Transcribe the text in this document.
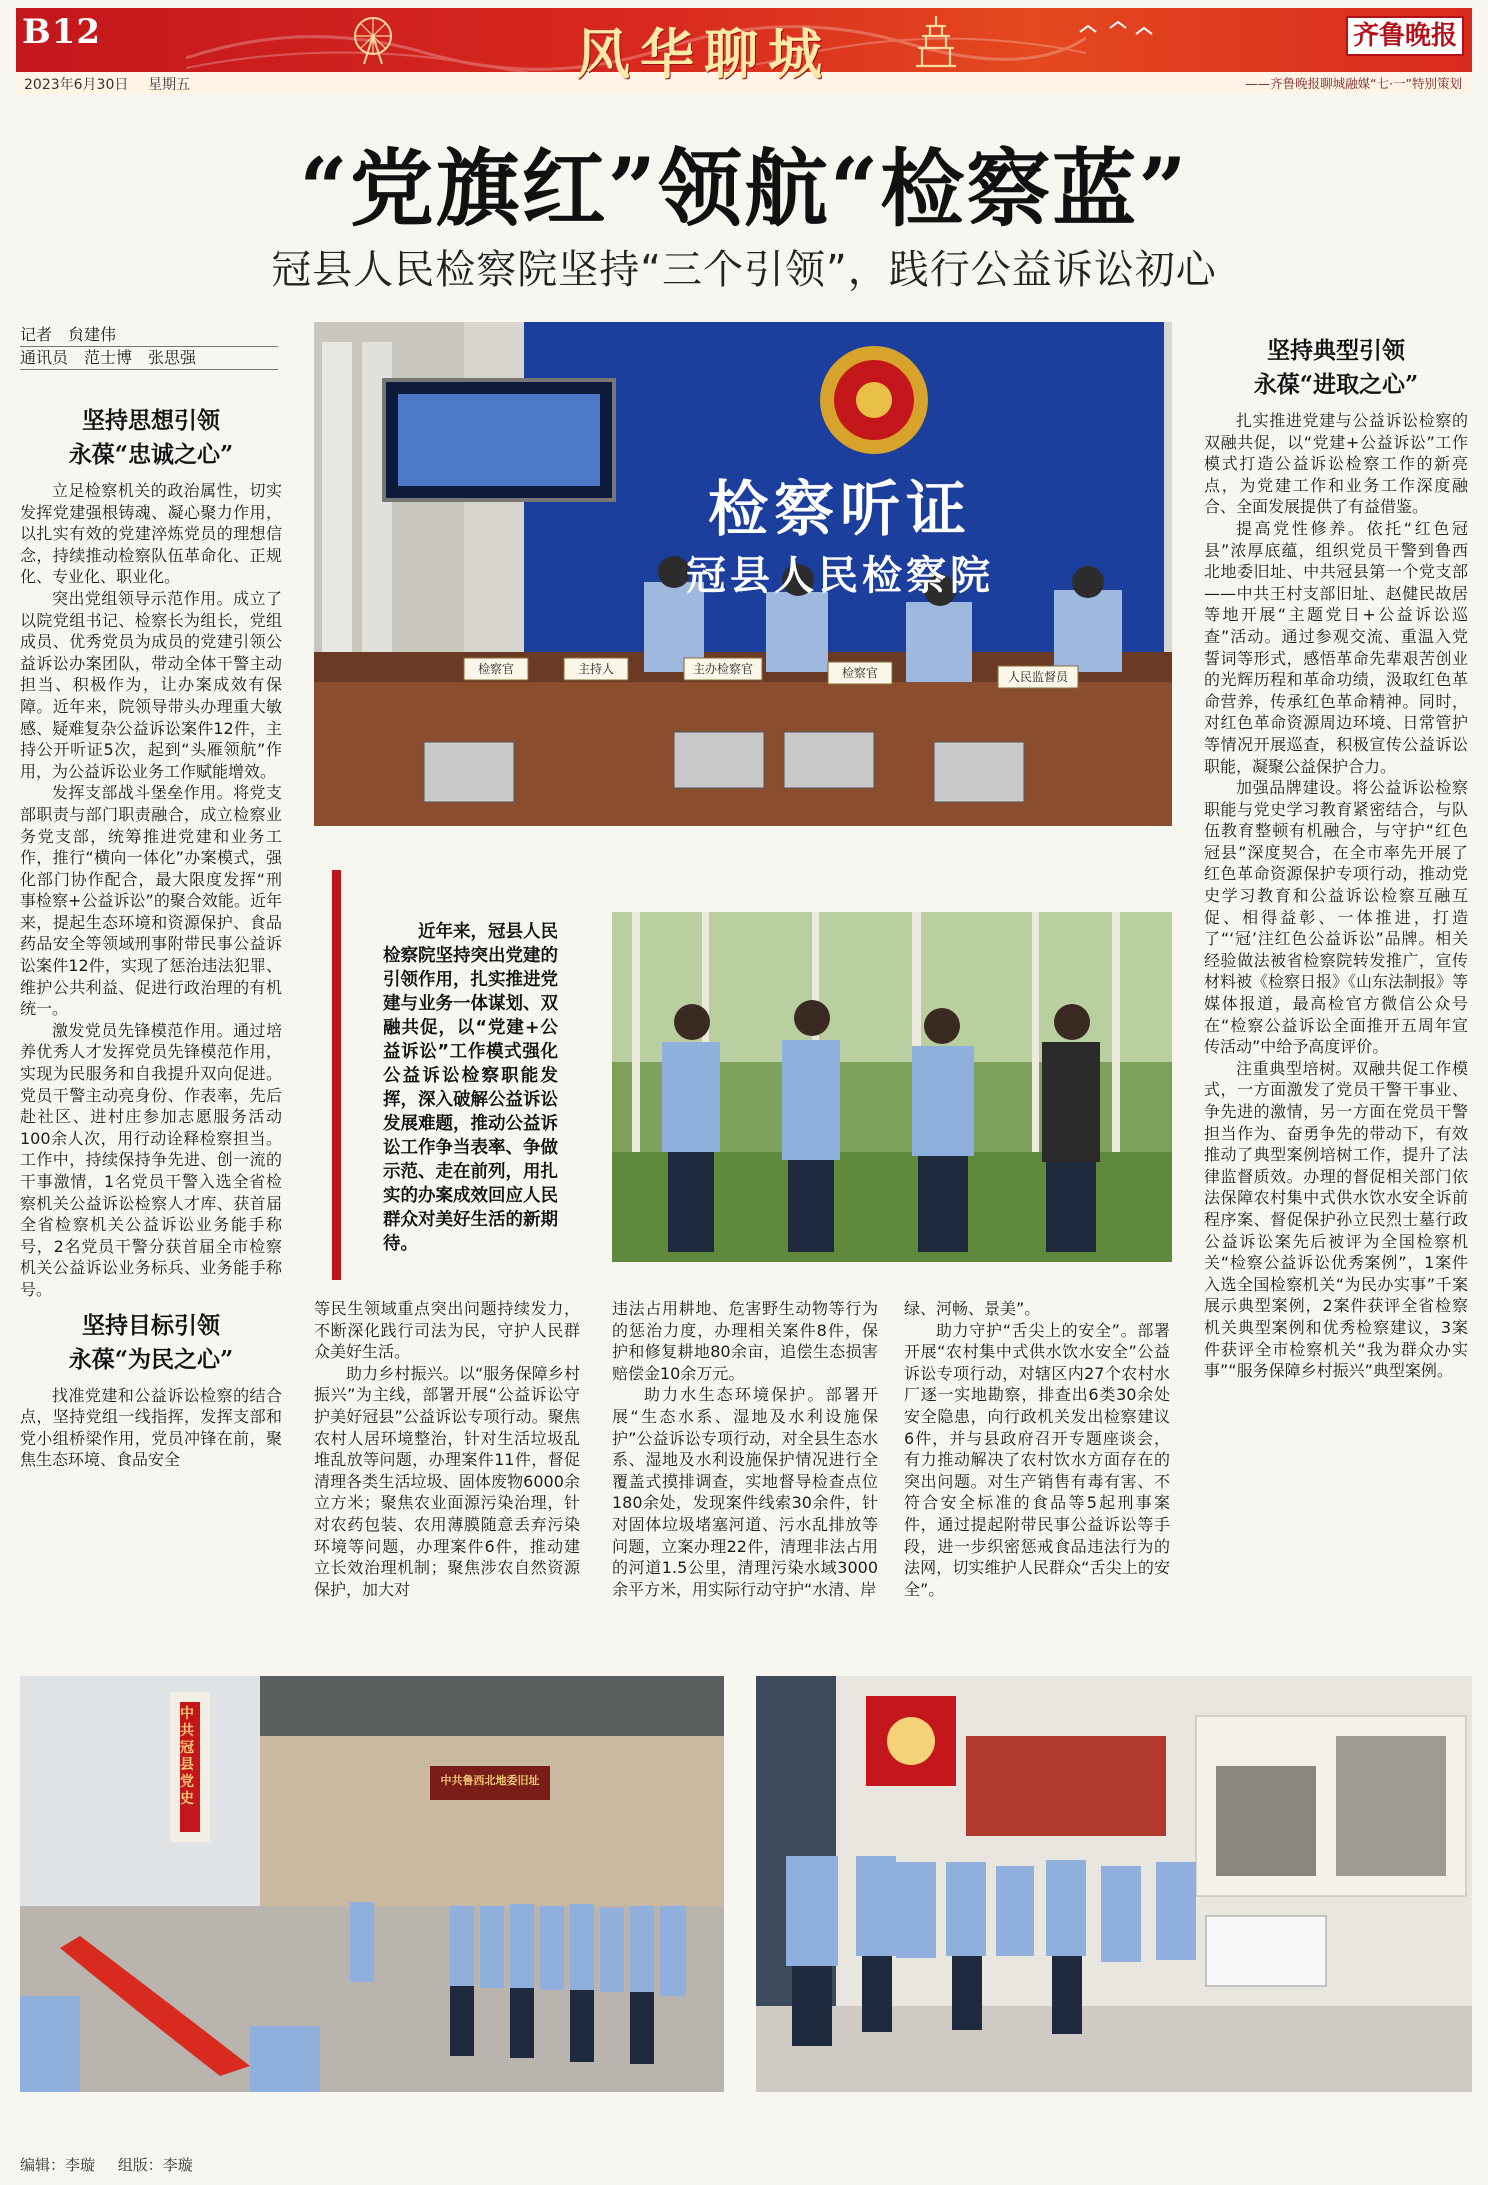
B12
2023年6月30日 星期五	风华聊城	齐鲁晚报
——齐鲁晚报聊城融媒“七·一”特别策划
“党旗红”领航“检察蓝”
冠县人民检察院坚持“三个引领”，践行公益诉讼初心
记者　贠建伟
通讯员　范士博　张思强
坚持思想引领
永葆“忠诚之心”

立足检察机关的政治属性，切实发挥党建强根铸魂、凝心聚力作用，以扎实有效的党建淬炼党员的理想信念，持续推动检察队伍革命化、正规化、专业化、职业化。

突出党组领导示范作用。成立了以院党组书记、检察长为组长，党组成员、优秀党员为成员的党建引领公益诉讼办案团队，带动全体干警主动担当、积极作为，让办案成效有保障。近年来，院领导带头办理重大敏感、疑难复杂公益诉讼案件12件，主持公开听证5次，起到“头雁领航”作用，为公益诉讼业务工作赋能增效。

发挥支部战斗堡垒作用。将党支部职责与部门职责融合，成立检察业务党支部，统筹推进党建和业务工作，推行“横向一体化”办案模式，强化部门协作配合，最大限度发挥“刑事检察+公益诉讼”的聚合效能。近年来，提起生态环境和资源保护、食品药品安全等领域刑事附带民事公益诉讼案件12件，实现了惩治违法犯罪、维护公共利益、促进行政治理的有机统一。

激发党员先锋模范作用。通过培养优秀人才发挥党员先锋模范作用，实现为民服务和自我提升双向促进。党员干警主动亮身份、作表率，先后赴社区、进村庄参加志愿服务活动100余人次，用行动诠释检察担当。工作中，持续保持争先进、创一流的干事激情，1名党员干警入选全省检察机关公益诉讼检察人才库、获首届全省检察机关公益诉讼业务能手称号，2名党员干警分获首届全市检察机关公益诉讼业务标兵、业务能手称号。

坚持目标引领
永葆“为民之心”

找准党建和公益诉讼检察的结合点，坚持党组一线指挥，发挥支部和党小组桥梁作用，党员冲锋在前，聚焦生态环境、食品安全

检察听证
冠县人民检察院
检察官	主持人	主办检察官	检察官	人民监督员
坚持典型引领
永葆“进取之心”

扎实推进党建与公益诉讼检察的双融共促，以“党建+公益诉讼”工作模式打造公益诉讼检察工作的新亮点，为党建工作和业务工作深度融合、全面发展提供了有益借鉴。

提高党性修养。依托“红色冠县”浓厚底蕴，组织党员干警到鲁西北地委旧址、中共冠县第一个党支部——中共王村支部旧址、赵健民故居等地开展“主题党日+公益诉讼巡查”活动。通过参观交流、重温入党誓词等形式，感悟革命先辈艰苦创业的光辉历程和革命功绩，汲取红色革命营养，传承红色革命精神。同时，对红色革命资源周边环境、日常管护等情况开展巡查，积极宣传公益诉讼职能，凝聚公益保护合力。

加强品牌建设。将公益诉讼检察职能与党史学习教育紧密结合，与队伍教育整顿有机融合，与守护“红色冠县”深度契合，在全市率先开展了红色革命资源保护专项行动，推动党史学习教育和公益诉讼检察互融互促、相得益彰、一体推进，打造了“‘冠’注红色公益诉讼”品牌。相关经验做法被省检察院转发推广，宣传材料被《检察日报》《山东法制报》等媒体报道，最高检官方微信公众号在“检察公益诉讼全面推开五周年宣传活动”中给予高度评价。

注重典型培树。双融共促工作模式，一方面激发了党员干警干事业、争先进的激情，另一方面在党员干警担当作为、奋勇争先的带动下，有效推动了典型案例培树工作，提升了法律监督质效。办理的督促相关部门依法保障农村集中式供水饮水安全诉前程序案、督促保护孙立民烈士墓行政公益诉讼案先后被评为全国检察机关“检察公益诉讼优秀案例”，1案件入选全国检察机关“为民办实事”千案展示典型案例，2案件获评全省检察机关典型案例和优秀检察建议，3案件获评全市检察机关“我为群众办实事”“服务保障乡村振兴”典型案例。

近年来，冠县人民检察院坚持突出党建的引领作用，扎实推进党建与业务一体谋划、双融共促，以“党建+公益诉讼”工作模式强化公益诉讼检察职能发挥，深入破解公益诉讼发展难题，推动公益诉讼工作争当表率、争做示范、走在前列，用扎实的办案成效回应人民群众对美好生活的新期待。

等民生领域重点突出问题持续发力，不断深化践行司法为民，守护人民群众美好生活。

助力乡村振兴。以“服务保障乡村振兴”为主线，部署开展“公益诉讼守护美好冠县”公益诉讼专项行动。聚焦农村人居环境整治，针对生活垃圾乱堆乱放等问题，办理案件11件，督促清理各类生活垃圾、固体废物6000余立方米；聚焦农业面源污染治理，针对农药包装、农用薄膜随意丢弃污染环境等问题，办理案件6件，推动建立长效治理机制；聚焦涉农自然资源保护，加大对

违法占用耕地、危害野生动物等行为的惩治力度，办理相关案件8件，保护和修复耕地80余亩，追偿生态损害赔偿金10余万元。

助力水生态环境保护。部署开展“生态水系、湿地及水利设施保护”公益诉讼专项行动，对全县生态水系、湿地及水利设施保护情况进行全覆盖式摸排调查，实地督导检查点位180余处，发现案件线索30余件，针对固体垃圾堵塞河道、污水乱排放等问题，立案办理22件，清理非法占用的河道1.5公里，清理污染水域3000余平方米，用实际行动守护“水清、岸

绿、河畅、景美”。

助力守护“舌尖上的安全”。部署开展“农村集中式供水饮水安全”公益诉讼专项行动，对辖区内27个农村水厂逐一实地勘察，排查出6类30余处安全隐患，向行政机关发出检察建议6件，并与县政府召开专题座谈会，有力推动解决了农村饮水方面存在的突出问题。对生产销售有毒有害、不符合安全标准的食品等5起刑事案件，通过提起附带民事公益诉讼等手段，进一步织密惩戒食品违法行为的法网，切实维护人民群众“舌尖上的安全”。

中共鲁西北地委旧址
中共冠县党史
编辑：李璇 组版：李璇
